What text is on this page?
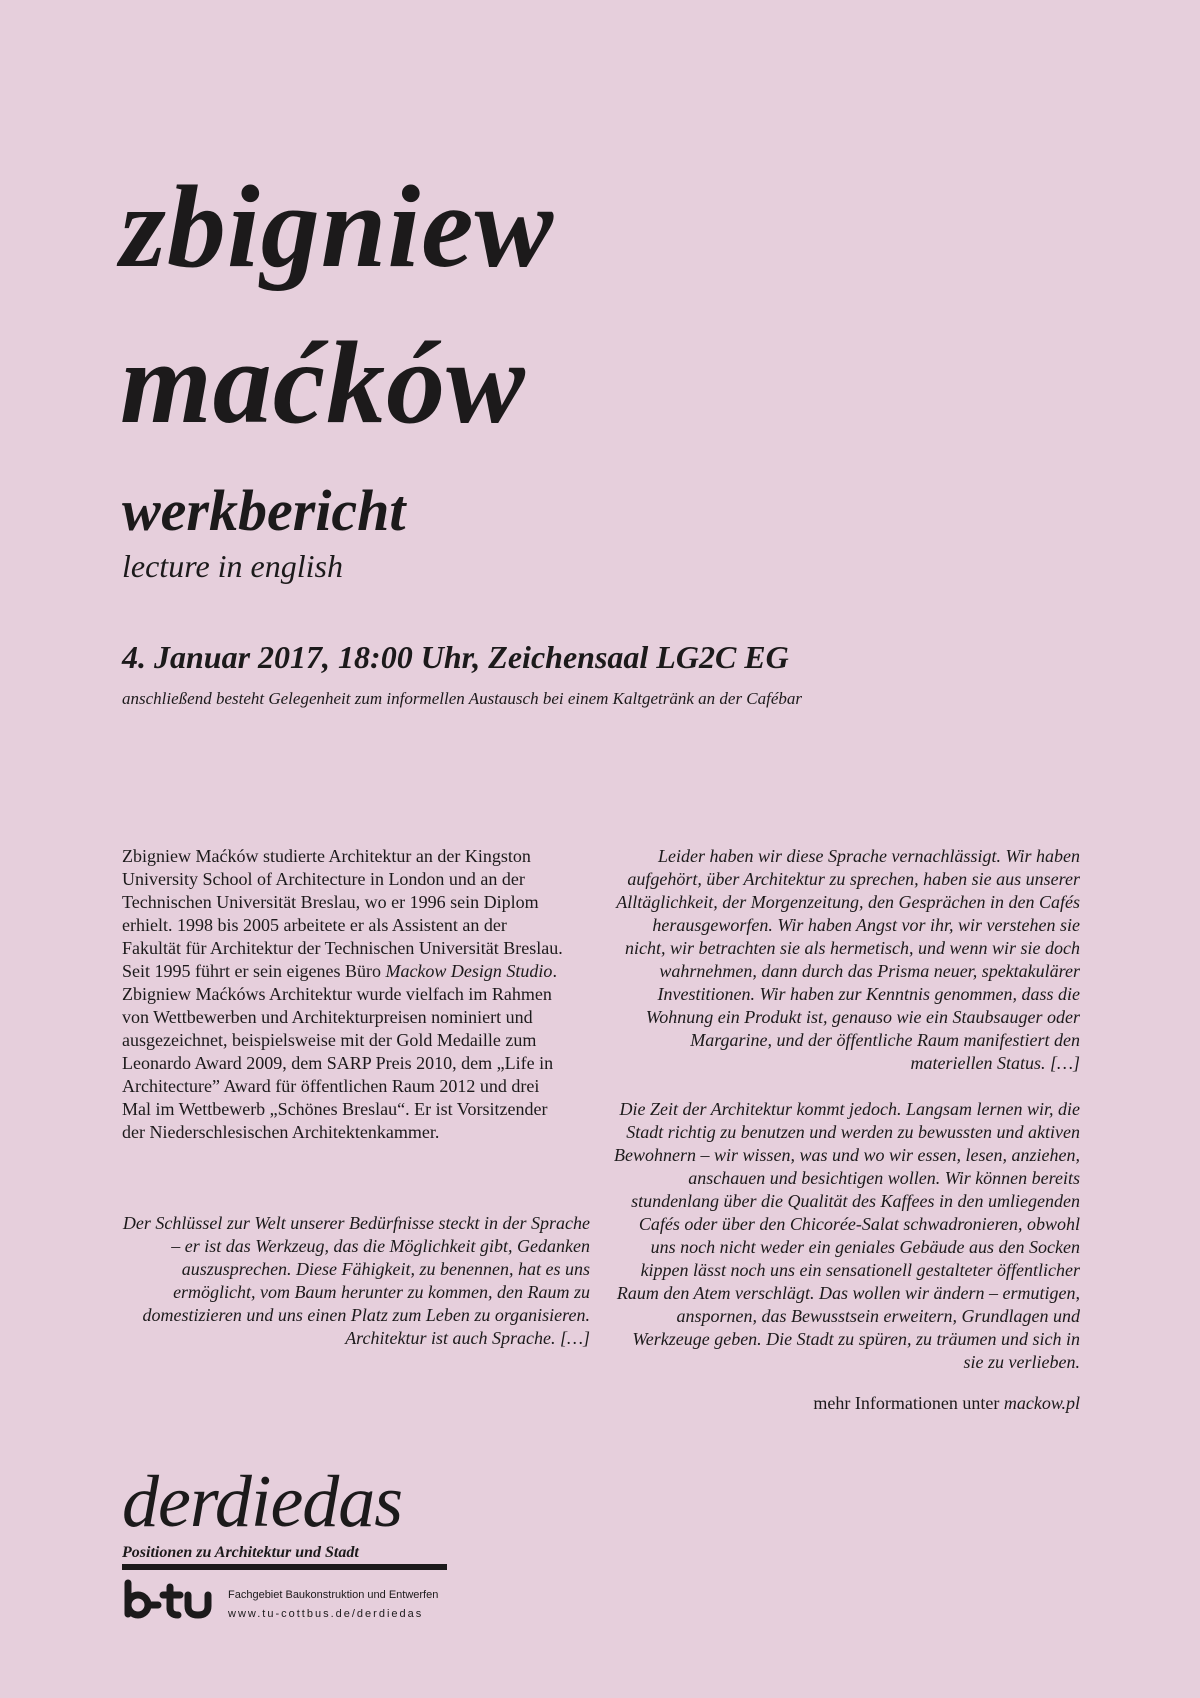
zbigniew
maćków
werkbericht
lecture in english
4. Januar 2017, 18:00 Uhr, Zeichensaal LG2C EG
anschließend besteht Gelegenheit zum informellen Austausch bei einem Kaltgetränk an der Cafébar

Zbigniew Maćków studierte Architektur an der Kingston University School of Architecture in London und an der Technischen Universität Breslau, wo er 1996 sein Diplom erhielt. 1998 bis 2005 arbeitete er als Assistent an der Fakultät für Architektur der Technischen Universität Breslau. Seit 1995 führt er sein eigenes Büro Mackow Design Studio. Zbigniew Maćkóws Architektur wurde vielfach im Rahmen von Wettbewerben und Architekturpreisen nominiert und ausgezeichnet, beispielsweise mit der Gold Medaille zum Leonardo Award 2009, dem SARP Preis 2010, dem „Life in Architecture” Award für öffentlichen Raum 2012 und drei Mal im Wettbewerb „Schönes Breslau“. Er ist Vorsitzender der Niederschlesischen Architektenkammer.

Der Schlüssel zur Welt unserer Bedürfnisse steckt in der Sprache – er ist das Werkzeug, das die Möglichkeit gibt, Gedanken auszusprechen. Diese Fähigkeit, zu benennen, hat es uns ermöglicht, vom Baum herunter zu kommen, den Raum zu domestizieren und uns einen Platz zum Leben zu organisieren. Architektur ist auch Sprache. […]

Leider haben wir diese Sprache vernachlässigt. Wir haben aufgehört, über Architektur zu sprechen, haben sie aus unserer Alltäglichkeit, der Morgenzeitung, den Gesprächen in den Cafés herausgeworfen. Wir haben Angst vor ihr, wir verstehen sie nicht, wir betrachten sie als hermetisch, und wenn wir sie doch wahrnehmen, dann durch das Prisma neuer, spektakulärer Investitionen. Wir haben zur Kenntnis genommen, dass die Wohnung ein Produkt ist, genauso wie ein Staubsauger oder Margarine, und der öffentliche Raum manifestiert den materiellen Status. […]

Die Zeit der Architektur kommt jedoch. Langsam lernen wir, die Stadt richtig zu benutzen und werden zu bewussten und aktiven Bewohnern – wir wissen, was und wo wir essen, lesen, anziehen, anschauen und besichtigen wollen. Wir können bereits stundenlang über die Qualität des Kaffees in den umliegenden Cafés oder über den Chicorée-Salat schwadronieren, obwohl uns noch nicht weder ein geniales Gebäude aus den Socken kippen lässt noch uns ein sensationell gestalteter öffentlicher Raum den Atem verschlägt. Das wollen wir ändern – ermutigen, anspornen, das Bewusstsein erweitern, Grundlagen und Werkzeuge geben. Die Stadt zu spüren, zu träumen und sich in sie zu verlieben.

mehr Informationen unter mackow.pl
derdiedas
Positionen zu Architektur und Stadt
Fachgebiet Baukonstruktion und Entwerfen
www.tu-cottbus.de/derdiedas
